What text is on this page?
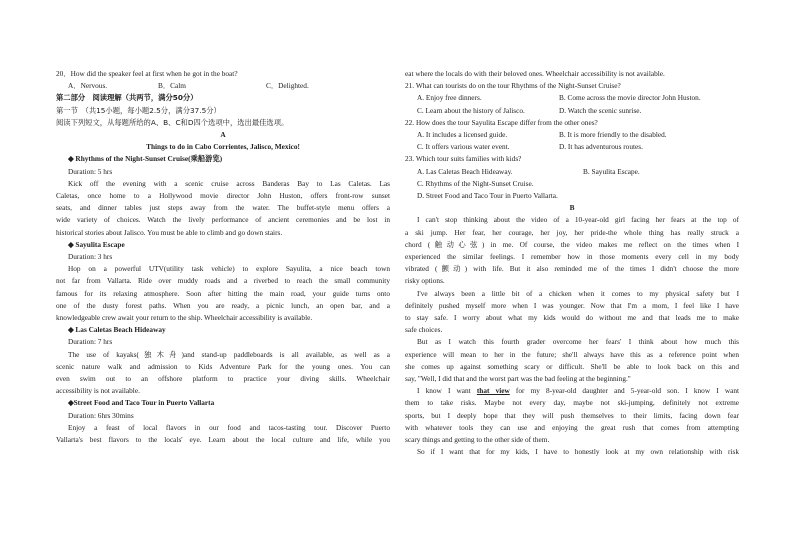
20．How did the speaker feel at first when he got in the boat?
A．Nervous.	B．Calm	C．Delighted.
第二部分　阅读理解（共两节，满分50分）
第一节　（共15小题，每小题2.5分，满分37.5分）
阅读下列短文，从每题所给的A、B、C和D四个选项中，选出最佳选项。
A
Things to do in Cabo Corrientes, Jalisco, Mexico!
◆ Rhythms of the Night-Sunset Cruise(乘船游览)
Duration: 5 hrs
Kick off the evening with a scenic cruise across Banderas Bay to Las Caletas. Las
Caletas, once home to a Hollywood movie director John Huston, offers front-row sunset
seats, and dinner tables just steps away from the water. The buffet-style menu offers a
wide variety of choices. Watch the lively performance of ancient ceremonies and be lost in
historical stories about Jalisco. You must be able to climb and go down stairs.
◆ Sayulita Escape
Duration: 3 hrs
Hop on a powerful UTV(utility task vehicle) to explore Sayulita, a nice beach town
not far from Vallarta. Ride over muddy roads and a riverbed to reach the small community
famous for its relaxing atmosphere. Soon after hitting the main road, your guide turns onto
one of the dusty forest paths. When you are ready, a picnic lunch, an open bar, and a
knowledgeable crew await your return to the ship. Wheelchair accessibility is available.
◆ Las Caletas Beach Hideaway
Duration: 7 hrs
The use of kayaks(独木舟)and stand-up paddleboards is all available, as well as a
scenic nature walk and admission to Kids Adventure Park for the young ones. You can
even swim out to an offshore platform to practice your diving skills. Wheelchair
accessibility is not available.
◆Street Food and Taco Tour in Puerto Vallarta
Duration: 6hrs 30mins
Enjoy a feast of local flavors in our food and tacos-tasting tour. Discover Puerto
Vallarta's best flavors to the locals' eye. Learn about the local culture and life, while you
eat where the locals do with their beloved ones. Wheelchair accessibility is not available.
21. What can tourists do on the tour Rhythms of the Night-Sunset Cruise?
A. Enjoy free dinners.	B. Come across the movie director John Huston.
C. Learn about the history of Jalisco.	D. Watch the scenic sunrise.
22. How does the tour Sayulita Escape differ from the other ones?
A. It includes a licensed guide.	B. It is more friendly to the disabled.
C. It offers various water event.	D. It has adventurous routes.
23. Which tour suits families with kids?
A. Las Caletas Beach Hideaway.	B. Sayulita Escape.
C. Rhythms of the Night-Sunset Cruise.
D. Street Food and Taco Tour in Puerto Vallarta.
B
I can't stop thinking about the video of a 10-year-old girl facing her fears at the top of
a ski jump. Her fear, her courage, her joy, her pride-the whole thing has really struck a
chord (触动心弦) in me. Of course, the video makes me reflect on the times when I
experienced the similar feelings. I remember how in those moments every cell in my body
vibrated (颤动) with life. But it also reminded me of the times I didn't choose the more
risky options.
I've always been a little bit of a chicken when it comes to my physical safety but I
definitely pushed myself more when I was younger. Now that I'm a mom, I feel like I have
to stay safe. I worry about what my kids would do without me and that leads me to make
safe choices.
But as I watch this fourth grader overcome her fears' I think about how much this
experience will mean to her in the future; she'll always have this as a reference point when
she comes up against something scary or difficult. She'll be able to look back on this and
say, "Well, I did that and the worst part was the bad feeling at the beginning."
I know I want that view for my 8-year-old daughter and 5-year-old son. I know I want
them to take risks. Maybe not every day, maybe not ski-jumping, definitely not extreme
sports, but I deeply hope that they will push themselves to their limits, facing down fear
with whatever tools they can use and enjoying the great rush that comes from attempting
scary things and getting to the other side of them.
So if I want that for my kids, I have to honestly look at my own relationship with risk
